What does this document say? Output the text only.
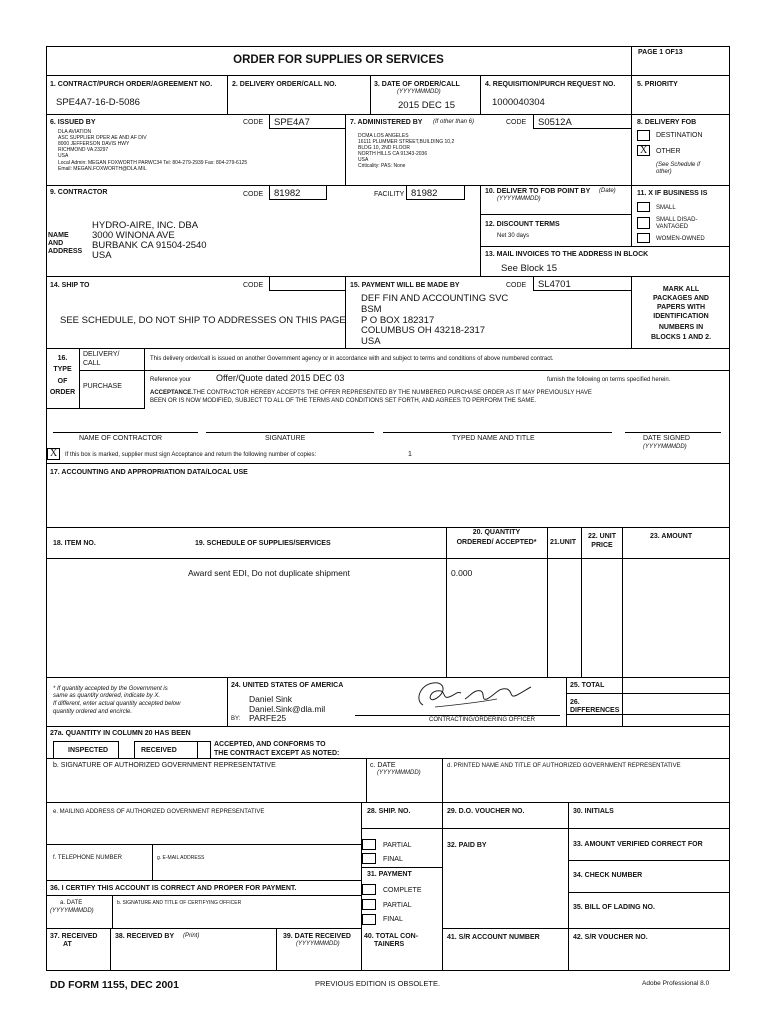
ORDER FOR SUPPLIES OR SERVICES
PAGE 1 OF13
1. CONTRACT/PURCH ORDER/AGREEMENT NO.
SPE4A7-16-D-5086
2. DELIVERY ORDER/CALL NO.	3. DATE OF ORDER/CALL
(YYYYMMMDD)
2015 DEC 15
4. REQUISITION/PURCH REQUEST NO.
1000040304
5. PRIORITY
6. ISSUED BY	CODE SPE4A7
DLA AVIATION
ASC SUPPLIER OPER AE AND AF DIV
8000 JEFFERSON DAVIS HWY
RICHMOND VA 23297
USA
Local Admin: MEGAN FOXWORTH PARWC34 Tel: 804-279-2939 Fax: 804-279-6125
Email: MEGAN.FOXWORTH@DLA.MIL
7. ADMINISTERED BY (If other than 6)	CODE S0512A
DCMA LOS ANGELES
16111 PLUMMER STREET,BUILDING 10,2
BLDG 10, 2ND FLOOR
NORTH HILLS CA 91343-2036
USA
Criticality: PAS: None
8. DELIVERY FOB
DESTINATION
X OTHER
(See Schedule if
other)
9. CONTRACTOR	CODE 81982	FACILITY 81982
NAME
AND
ADDRESS
HYDRO-AIRE, INC. DBA
3000 WINONA AVE
BURBANK CA 91504-2540
USA
10. DELIVER TO FOB POINT BY (Date)
(YYYYMMMDD)
12. DISCOUNT TERMS
Net 30 days
11. X IF BUSINESS IS
SMALL
SMALL DISAD-
VANTAGED
WOMEN-OWNED
13. MAIL INVOICES TO THE ADDRESS IN BLOCK
See Block 15
14. SHIP TO	CODE
SEE SCHEDULE, DO NOT SHIP TO ADDRESSES ON THIS PAGE
15. PAYMENT WILL BE MADE BY	CODE SL4701
DEF FIN AND ACCOUNTING SVC
BSM
P O BOX 182317
COLUMBUS OH 43218-2317
USA
MARK ALL
PACKAGES AND
PAPERS WITH
IDENTIFICATION
NUMBERS IN
BLOCKS 1 AND 2.
16.
TYPE
OF
ORDER
DELIVERY/
CALL
PURCHASE
This delivery order/call is issued on another Government agency or in accordance with and subject to terms and conditions of above numbered contract.
Reference your	Offer/Quote dated 2015 DEC 03	furnish the following on terms specified herein.
ACCEPTANCE. THE CONTRACTOR HEREBY ACCEPTS THE OFFER REPRESENTED BY THE NUMBERED PURCHASE ORDER AS IT MAY PREVIOUSLY HAVE
BEEN OR IS NOW MODIFIED, SUBJECT TO ALL OF THE TERMS AND CONDITIONS SET FORTH, AND AGREES TO PERFORM THE SAME.
NAME OF CONTRACTOR	SIGNATURE	TYPED NAME AND TITLE	DATE SIGNED
(YYYYMMMDD)
X If this box is marked, supplier must sign Acceptance and return the following number of copies:	1
17. ACCOUNTING AND APPROPRIATION DATA/LOCAL USE
18. ITEM NO.	19. SCHEDULE OF SUPPLIES/SERVICES
20. QUANTITY
ORDERED/ ACCEPTED*	21.UNIT
22. UNIT
PRICE
23. AMOUNT
Award sent EDI, Do not duplicate shipment	0.000
* If quantity accepted by the Government is
same as quantity ordered, indicate by X.
If different, enter actual quantity accepted below
quantity ordered and encircle.
24. UNITED STATES OF AMERICA
Daniel Sink
Daniel.Sink@dla.mil
BY: PARFE25	CONTRACTING/ORDERING OFFICER
25. TOTAL
26.
DIFFERENCES
27a. QUANTITY IN COLUMN 20 HAS BEEN
INSPECTED	RECEIVED
ACCEPTED, AND CONFORMS TO
THE CONTRACT EXCEPT AS NOTED:
b. SIGNATURE OF AUTHORIZED GOVERNMENT REPRESENTATIVE	c. DATE
(YYYYMMMDD)
d. PRINTED NAME AND TITLE OF AUTHORIZED GOVERNMENT REPRESENTATIVE
e. MAILING ADDRESS OF AUTHORIZED GOVERNMENT REPRESENTATIVE
f. TELEPHONE NUMBER	g. E-MAIL ADDRESS
28. SHIP. NO.
PARTIAL
FINAL
31. PAYMENT
COMPLETE
PARTIAL
FINAL
29. D.O. VOUCHER NO.
32. PAID BY
30. INITIALS
33. AMOUNT VERIFIED CORRECT FOR
34. CHECK NUMBER
35. BILL OF LADING NO.
36. I CERTIFY THIS ACCOUNT IS CORRECT AND PROPER FOR PAYMENT.
a. DATE
(YYYYMMMDD)
b. SIGNATURE AND TITLE OF CERTIFYING OFFICER
37. RECEIVED
AT
38. RECEIVED BY (Print)	39. DATE RECEIVED
(YYYYMMMDD)
40. TOTAL CON-
TAINERS
41. S/R ACCOUNT NUMBER	42. S/R VOUCHER NO.
DD FORM 1155, DEC 2001	PREVIOUS EDITION IS OBSOLETE.	Adobe Professional 8.0
